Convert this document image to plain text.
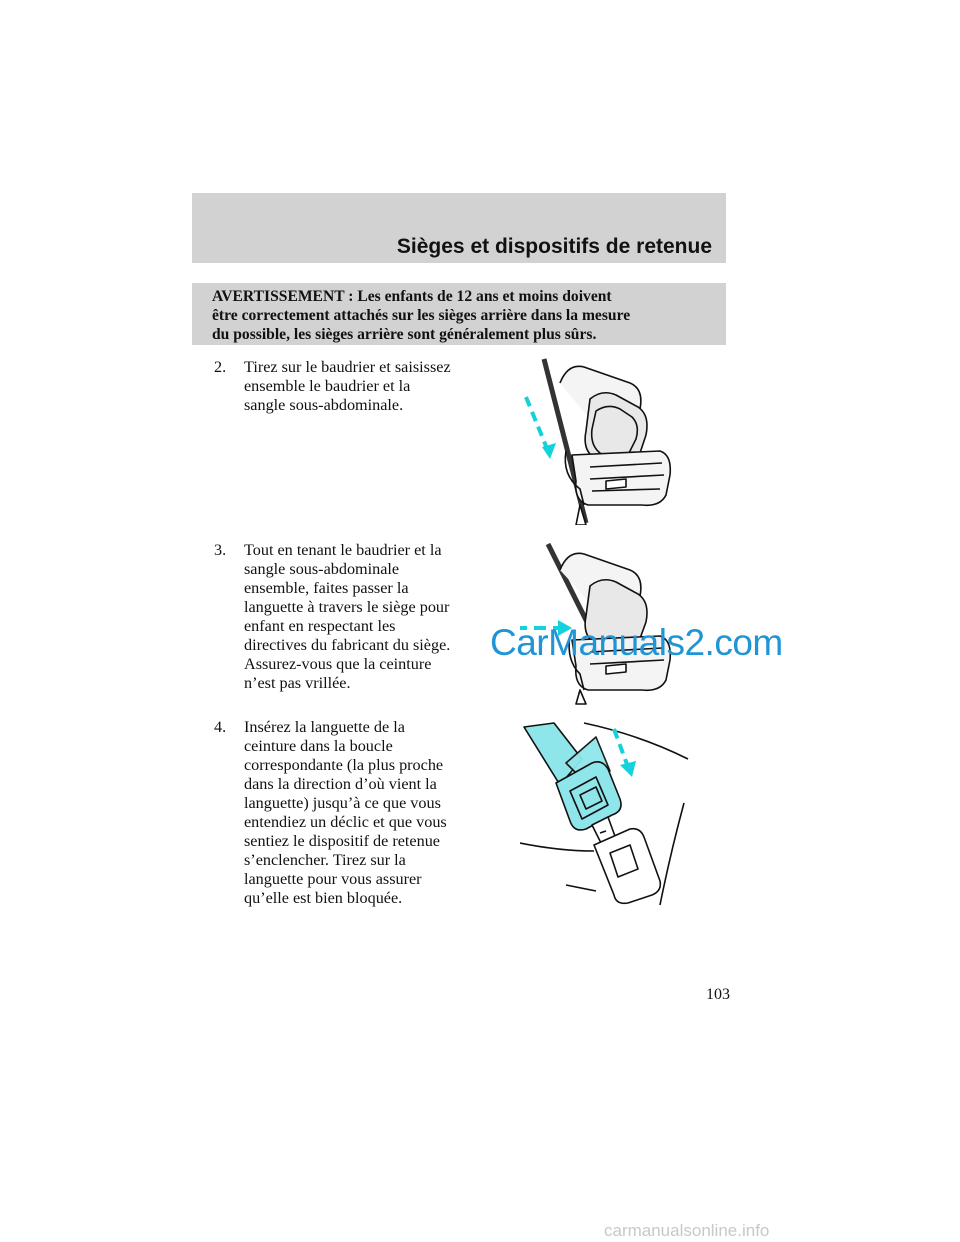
Sièges et dispositifs de retenue

AVERTISSEMENT : Les enfants de 12 ans et moins doivent

être correctement attachés sur les sièges arrière dans la mesure

du possible, les sièges arrière sont généralement plus sûrs.

2. Tirez sur le baudrier et saisissez
ensemble le baudrier et la
sangle sous-abdominale.
3. Tout en tenant le baudrier et la
sangle sous-abdominale
ensemble, faites passer la
languette à travers le siège pour
enfant en respectant les
directives du fabricant du siège.
Assurez-vous que la ceinture
n’est pas vrillée.
4. Insérez la languette de la
ceinture dans la boucle
correspondante (la plus proche
dans la direction d’où vient la
languette) jusqu’à ce que vous
entendiez un déclic et que vous
sentiez le dispositif de retenue
s’enclencher. Tirez sur la
languette pour vous assurer
qu’elle est bien bloquée.
CarManuals2.com

103

carmanualsonline.info
